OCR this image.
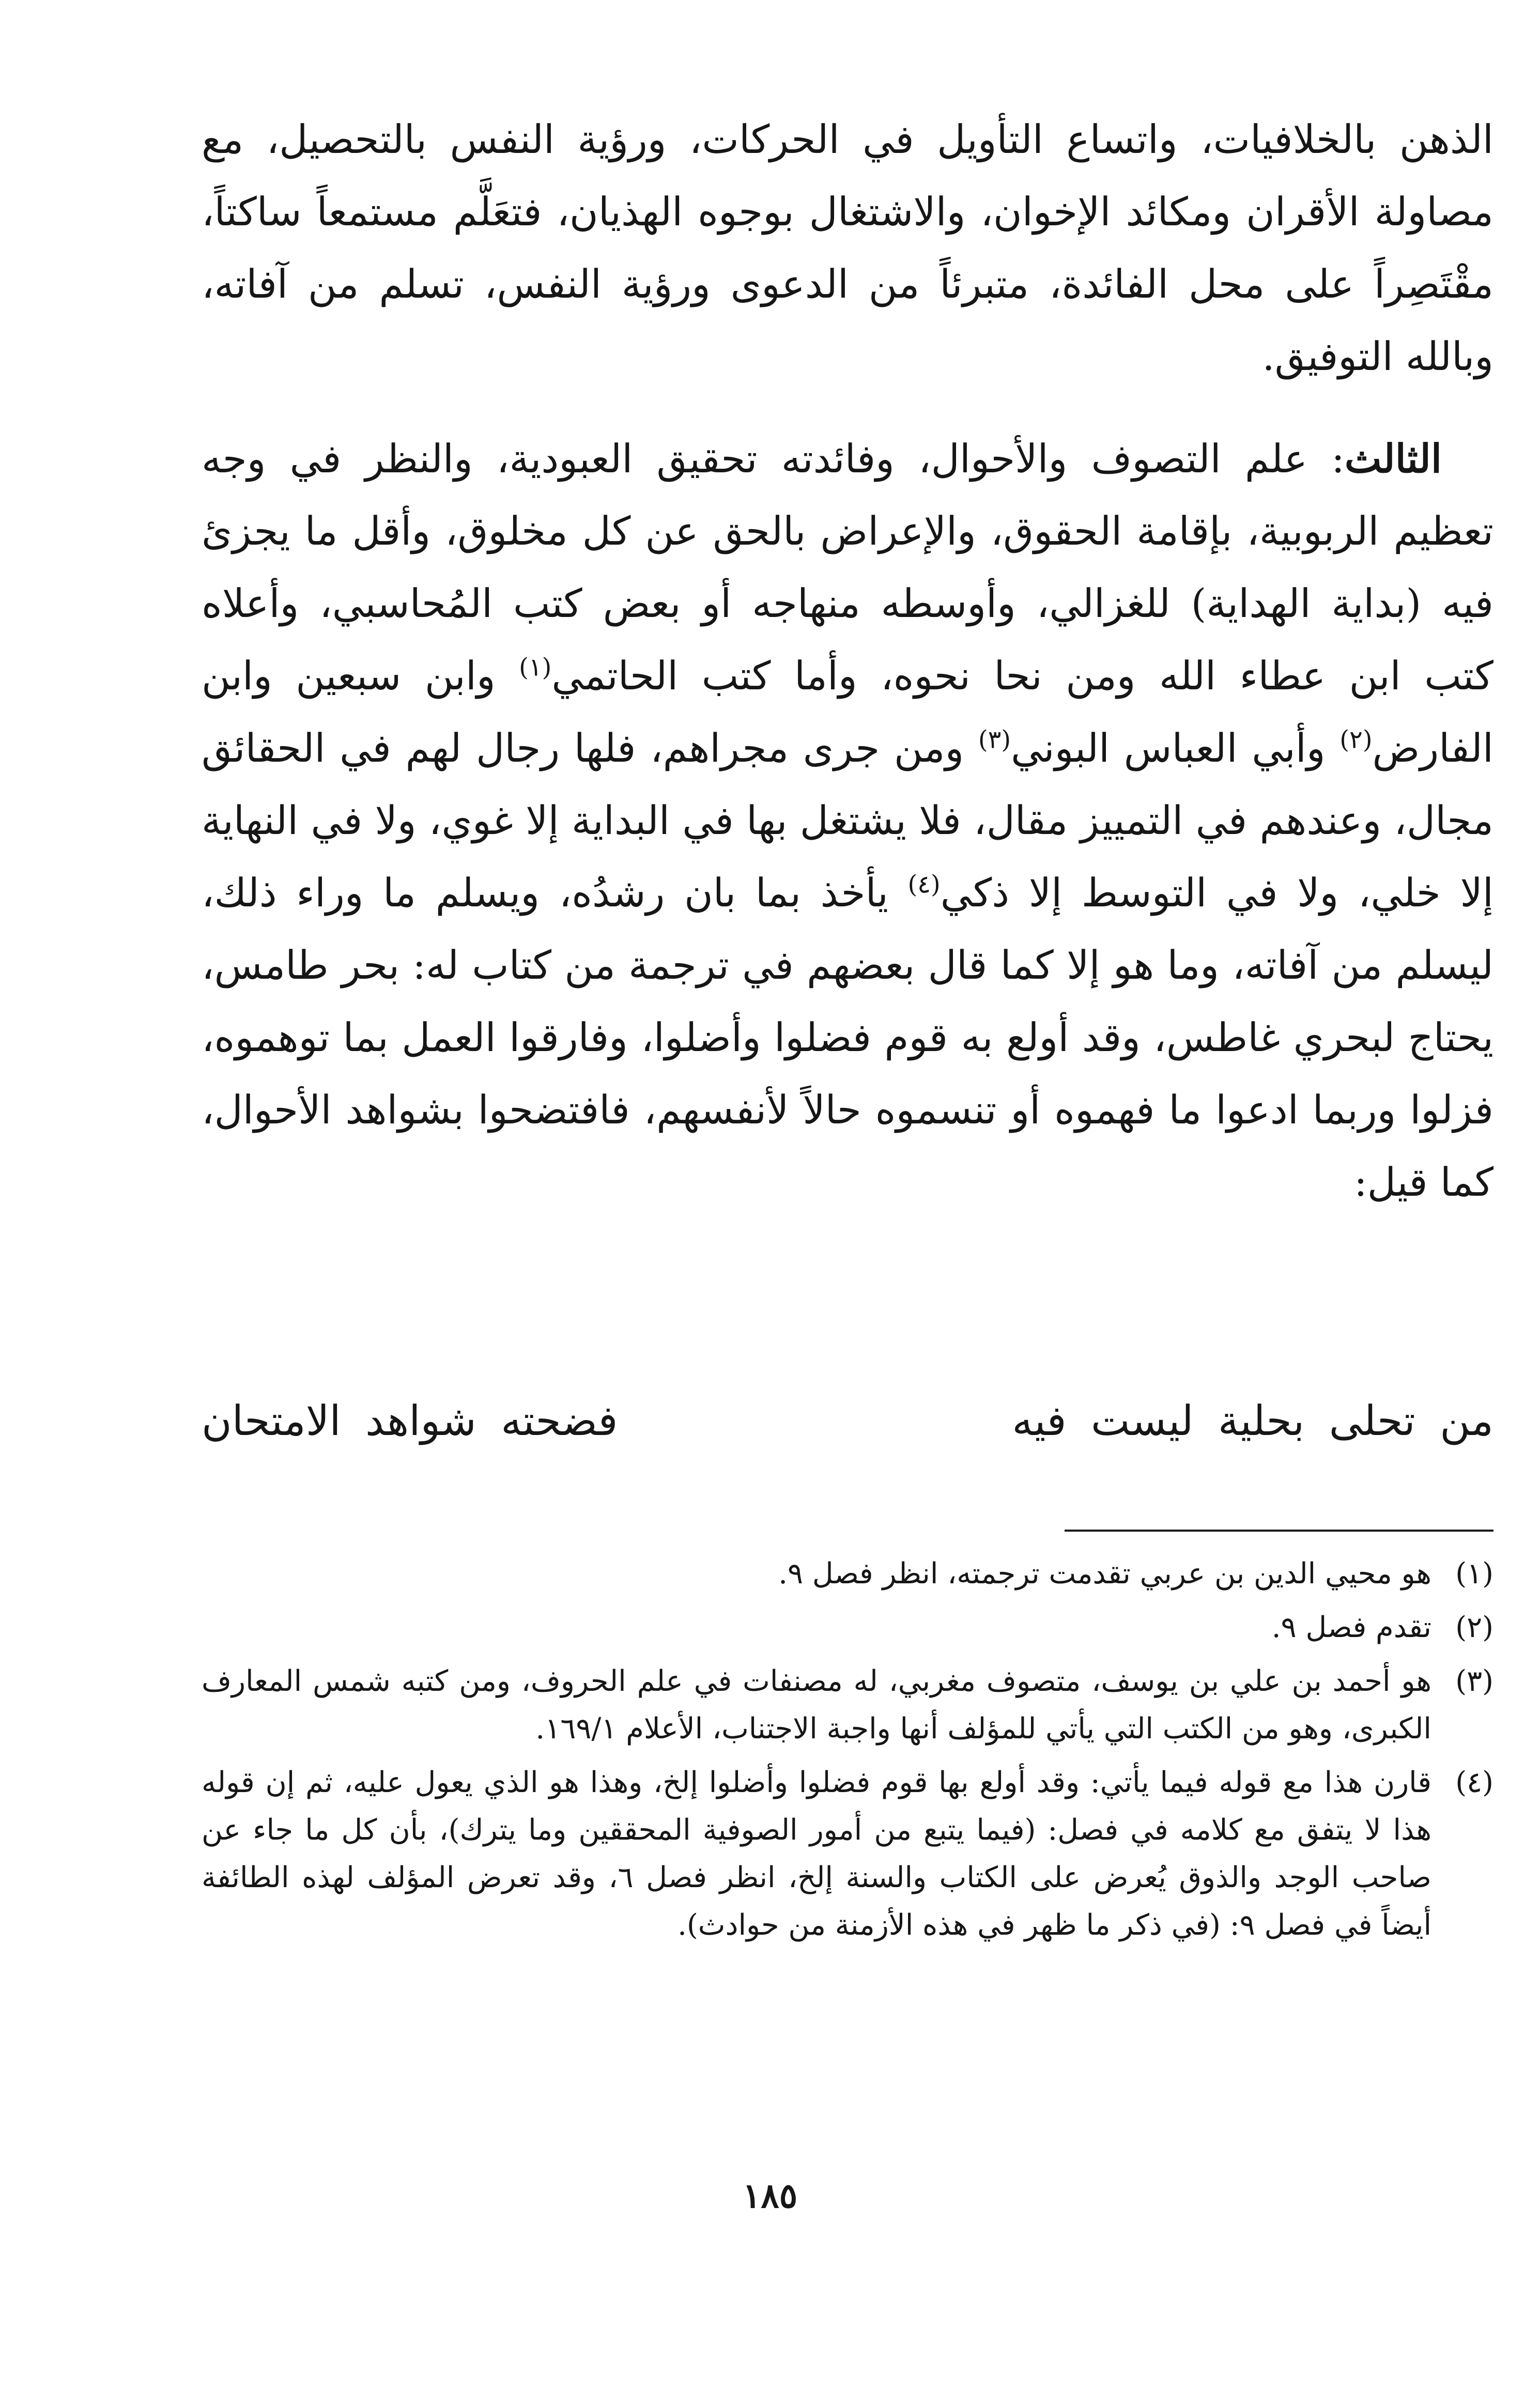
الذهن بالخلافيات، واتساع التأويل في الحركات، ورؤية النفس بالتحصيل، مع مصاولة الأقران ومكائد الإخوان، والاشتغال بوجوه الهذيان، فتعَلَّم مستمعاً ساكتاً، مقْتَصِراً على محل الفائدة، متبرئاً من الدعوى ورؤية النفس، تسلم من آفاته، وبالله التوفيق.

الثالث: علم التصوف والأحوال، وفائدته تحقيق العبودية، والنظر في وجه تعظيم الربوبية، بإقامة الحقوق، والإعراض بالحق عن كل مخلوق، وأقل ما يجزئ فيه (بداية الهداية) للغزالي، وأوسطه منهاجه أو بعض كتب المُحاسبي، وأعلاه كتب ابن عطاء الله ومن نحا نحوه، وأما كتب الحاتمي$^{(١)}$ وابن سبعين وابن الفارض$^{(٢)}$ وأبي العباس البوني$^{(٣)}$ ومن جرى مجراهم، فلها رجال لهم في الحقائق مجال، وعندهم في التمييز مقال، فلا يشتغل بها في البداية إلا غوي، ولا في النهاية إلا خلي، ولا في التوسط إلا ذكي$^{(٤)}$ يأخذ بما بان رشدُه، ويسلم ما وراء ذلك، ليسلم من آفاته، وما هو إلا كما قال بعضهم في ترجمة من كتاب له: بحر طامس، يحتاج لبحري غاطس، وقد أولع به قوم فضلوا وأضلوا، وفارقوا العمل بما توهموه، فزلوا وربما ادعوا ما فهموه أو تنسموه حالاً لأنفسهم، فافتضحوا بشواهد الأحوال، كما قيل:

من تحلى بحلية ليست فيه
فضحته شواهد الامتحان
(١)
هو محيي الدين بن عربي تقدمت ترجمته، انظر فصل ٩.
(٢)
تقدم فصل ٩.
(٣)
هو أحمد بن علي بن يوسف، متصوف مغربي، له مصنفات في علم الحروف، ومن كتبه شمس المعارف الكبرى، وهو من الكتب التي يأتي للمؤلف أنها واجبة الاجتناب، الأعلام ١٦٩/١.
(٤)
قارن هذا مع قوله فيما يأتي: وقد أولع بها قوم فضلوا وأضلوا إلخ، وهذا هو الذي يعول عليه، ثم إن قوله هذا لا يتفق مع كلامه في فصل: (فيما يتبع من أمور الصوفية المحققين وما يترك)، بأن كل ما جاء عن صاحب الوجد والذوق يُعرض على الكتاب والسنة إلخ، انظر فصل ٦، وقد تعرض المؤلف لهذه الطائفة أيضاً في فصل ٩: (في ذكر ما ظهر في هذه الأزمنة من حوادث).
١٨٥
